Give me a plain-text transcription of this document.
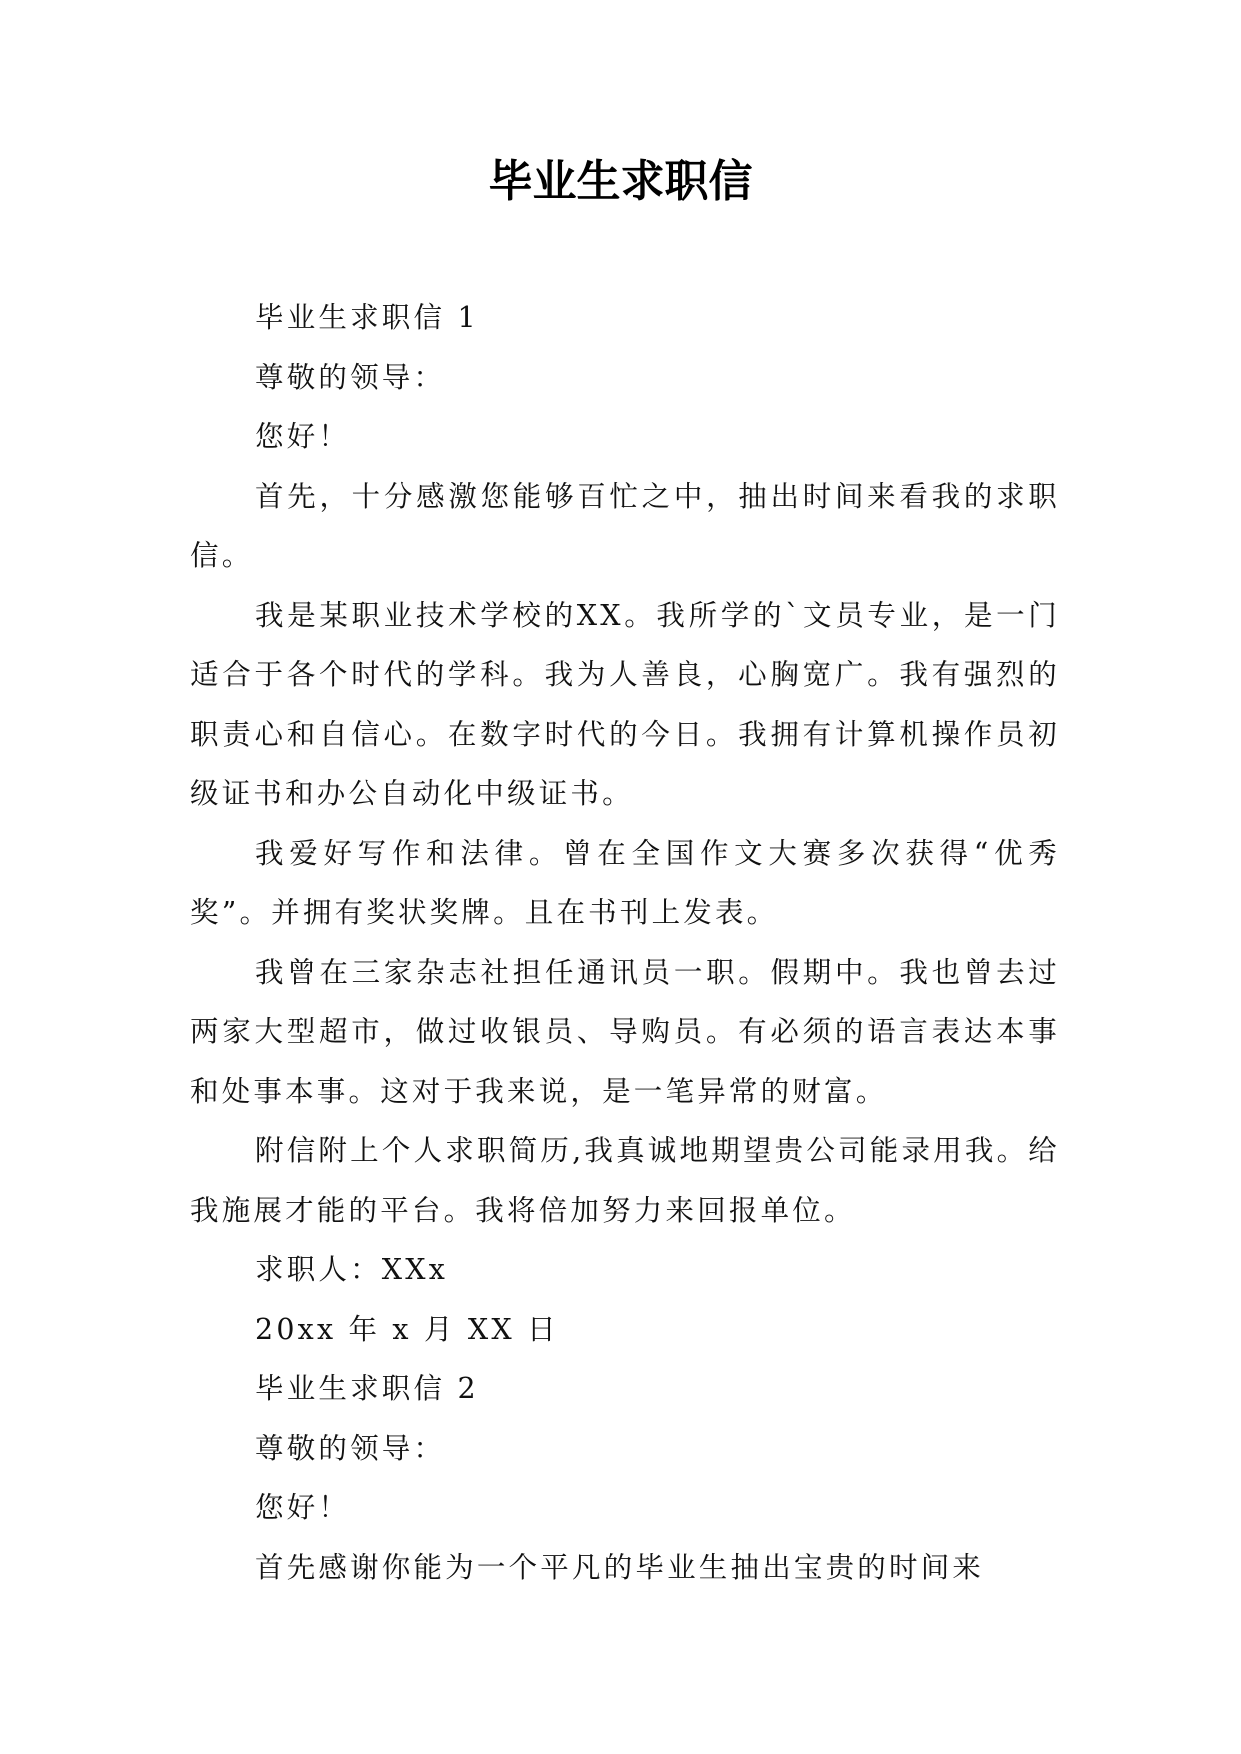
毕业生求职信

毕业生求职信 1

尊敬的领导：

您好！

首先，十分感激您能够百忙之中，抽出时间来看我的求职信。

我是某职业技术学校的XX。我所学的`文员专业，是一门适合于各个时代的学科。我为人善良，心胸宽广。我有强烈的职责心和自信心。在数字时代的今日。我拥有计算机操作员初级证书和办公自动化中级证书。

我爱好写作和法律。曾在全国作文大赛多次获得“优秀奖”。并拥有奖状奖牌。且在书刊上发表。

我曾在三家杂志社担任通讯员一职。假期中。我也曾去过两家大型超市，做过收银员、导购员。有必须的语言表达本事和处事本事。这对于我来说，是一笔异常的财富。

附信附上个人求职简历,我真诚地期望贵公司能录用我。给我施展才能的平台。我将倍加努力来回报单位。

求职人：XXx

20xx 年 x 月 XX 日

毕业生求职信 2

尊敬的领导：

您好！

首先感谢你能为一个平凡的毕业生抽出宝贵的时间来
